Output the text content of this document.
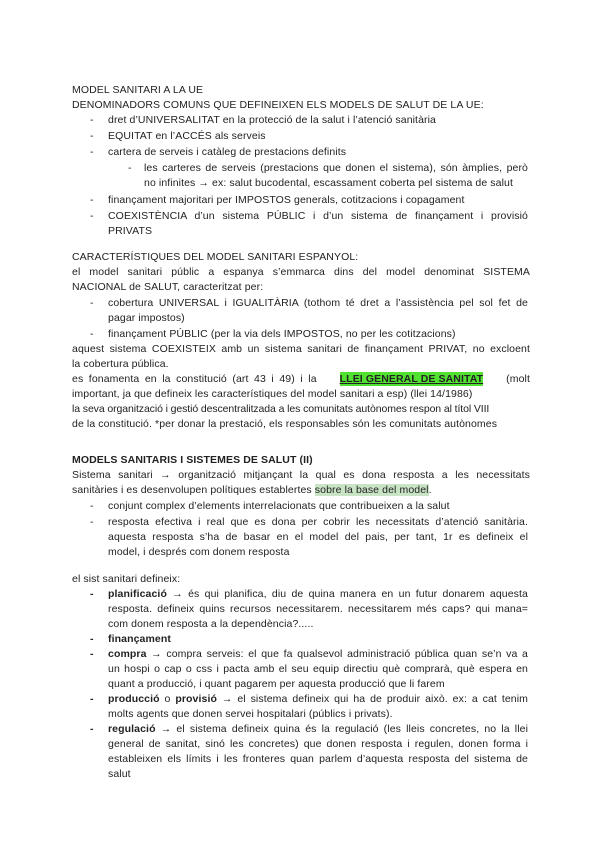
MODEL SANITARI A LA UE
DENOMINADORS COMUNS QUE DEFINEIXEN ELS MODELS DE SALUT DE LA UE:
- dret d’UNIVERSALITAT en la protecció de la salut i l’atenció sanitària
- EQUITAT en l’ACCÉS als serveis
- cartera de serveis i catàleg de prestacions definits
- les carteres de serveis (prestacions que donen el sistema), són àmplies, però
no infinites → ex: salut bucodental, escassament coberta pel sistema de salut
- finançament majoritari per IMPOSTOS generals, cotitzacions i copagament
- COEXISTÈNCIA d’un sistema PÚBLIC i d’un sistema de finançament i provisió
PRIVATS
CARACTERÍSTIQUES DEL MODEL SANITARI ESPANYOL:
el model sanitari públic a espanya s’emmarca dins del model denominat SISTEMA
NACIONAL de SALUT, caracteritzat per:
- cobertura UNIVERSAL i IGUALITÀRIA (tothom té dret a l’assistència pel sol fet de
pagar impostos)
- finançament PÚBLIC (per la via dels IMPOSTOS, no per les cotitzacions)
aquest sistema COEXISTEIX amb un sistema sanitari de finançament PRIVAT, no excloent
la cobertura pública.
es fonamenta en la constitució (art 43 i 49) i la LLEI GENERAL DE SANITAT (molt
important, ja que defineix les característiques del model sanitari a esp) (llei 14/1986)
la seva organització i gestió descentralitzada a les comunitats autònomes respon al títol VIII
de la constitució. *per donar la prestació, els responsables són les comunitats autònomes
MODELS SANITARIS I SISTEMES DE SALUT (II)
Sistema sanitari → organització mitjançant la qual es dona resposta a les necessitats
sanitàries i es desenvolupen polítiques establertes sobre la base del model.
- conjunt complex d’elements interrelacionats que contribueixen a la salut
- resposta efectiva i real que es dona per cobrir les necessitats d’atenció sanitària.
aquesta resposta s’ha de basar en el model del pais, per tant, 1r es defineix el
model, i després com donem resposta
el sist sanitari defineix:
- planificació → és qui planifica, diu de quina manera en un futur donarem aquesta
resposta. defineix quins recursos necessitarem. necessitarem més caps? qui mana=
com donem resposta a la dependència?.....
- finançament
- compra → compra serveis: el que fa qualsevol administració pública quan se’n va a
un hospi o cap o css i pacta amb el seu equip directiu què comprarà, què espera en
quant a producció, i quant pagarem per aquesta producció que li farem
- producció o provisió → el sistema defineix qui ha de produir això. ex: a cat tenim
molts agents que donen servei hospitalari (públics i privats).
- regulació → el sistema defineix quina és la regulació (les lleis concretes, no la llei
general de sanitat, sinó les concretes) que donen resposta i regulen, donen forma i
estableixen els límits i les fronteres quan parlem d’aquesta resposta del sistema de
salut
